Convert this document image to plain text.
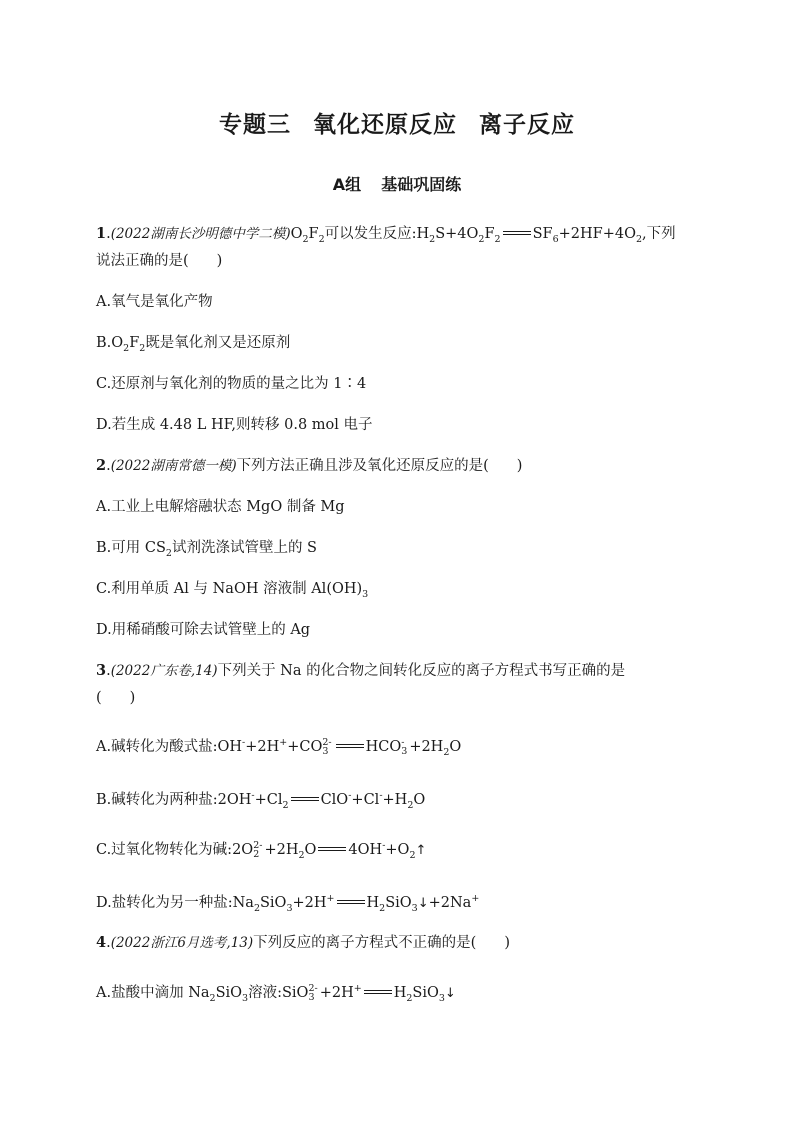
专题三 氧化还原反应 离子反应
A组 基础巩固练
1.(2022湖南长沙明德中学二模)$O_2F_2$可以发生反应$:H_2S+4O_2F_2$ $SF_6+2HF+4O_2$,下列
说法正确的是( )
A.氧气是氧化产物
$B.O_2F_2$既是氧化剂又是还原剂
C.还原剂与氧化剂的物质的量之比为 1∶4
D.若生成 4.48 L HF,则转移 0.8 mol 电子
2.(2022湖南常德一模)下列方法正确且涉及氧化还原反应的是( )
A.工业上电解熔融状态 MgO 制备 Mg
B.可用 $CS_2$试剂洗涤试管壁上的 S
C.利用单质 Al 与 NaOH 溶液制 $Al(OH)_3$
D.用稀硝酸可除去试管壁上的 Ag
3.(2022广东卷,14)下列关于 Na 的化合物之间转化反应的离子方程式书写正确的是
( )
A.碱转化为酸式盐:OH-+2H++CO 2-
3	HCO -
$3 +2H_2O$
B.碱转化为两种盐$:2OH^-+Cl_2$ $ClO^-+Cl^-+H_2O$
C.过氧化物转化为碱:2O 2-
$2 +2H_2O$ $4OH^-+O_2↑$
D.盐转化为另一种盐$:Na_2SiO_3+2H^+$ $H_2SiO_3↓+2Na^+$
4.(2022浙江6月选考,13)下列反应的离子方程式不正确的是( )
A.盐酸中滴加 $Na_2SiO_3$溶液:SiO 2-
3 +2H+ $H_2SiO_3↓$
